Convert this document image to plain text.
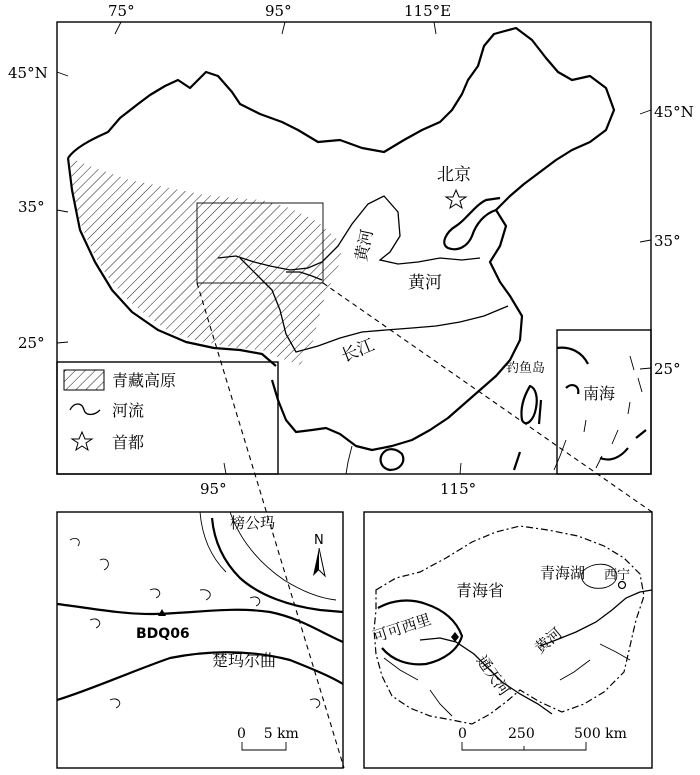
南海
青藏高原
河流
首都
75°	95°	115°E
45°N
35°
25°
45°N
35°
25°
95°	115°
北京
黄河
黄河
长江
钓鱼岛
BDQ06
榜公玛
楚玛尔曲
N
0    5 km
青海省
青海湖 西宁
可可西里	黄河
通天河
0	250	500 km
